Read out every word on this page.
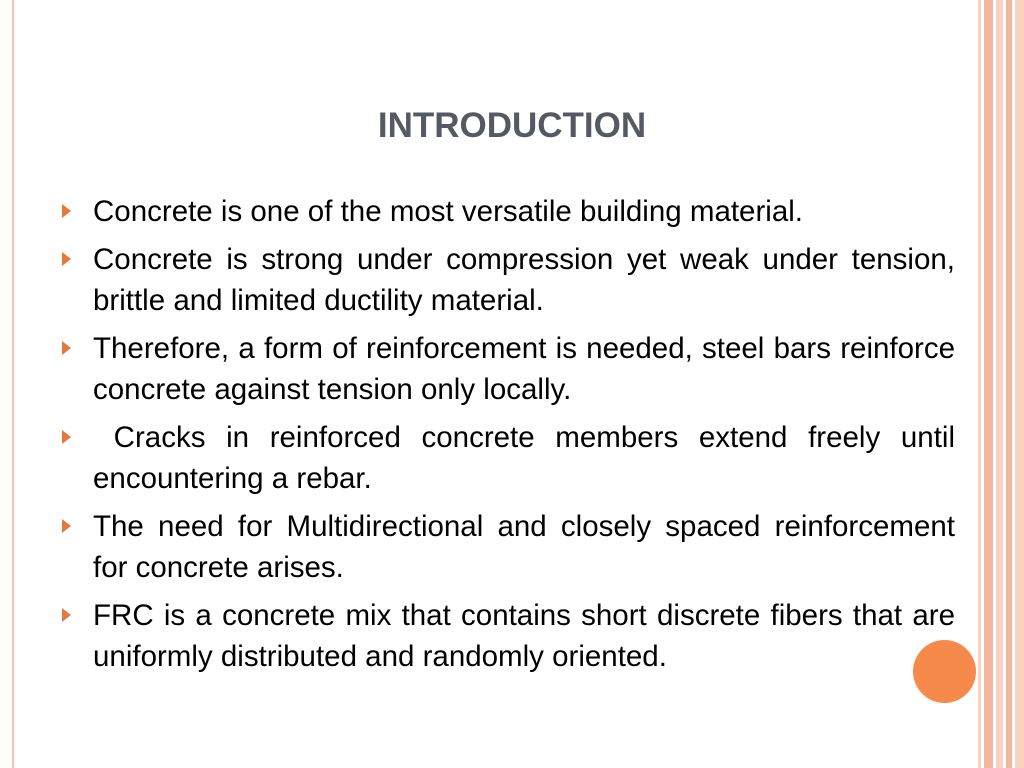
INTRODUCTION
Concrete is one of the most versatile building material.
Concrete is strong under compression yet weak under tension, brittle and limited ductility material.
Therefore, a form of reinforcement is needed, steel bars reinforce concrete against tension only locally.
Cracks in reinforced concrete members extend freely until encountering a rebar.
The need for Multidirectional and closely spaced reinforcement for concrete arises.
FRC is a concrete mix that contains short discrete fibers that are uniformly distributed and randomly oriented.
